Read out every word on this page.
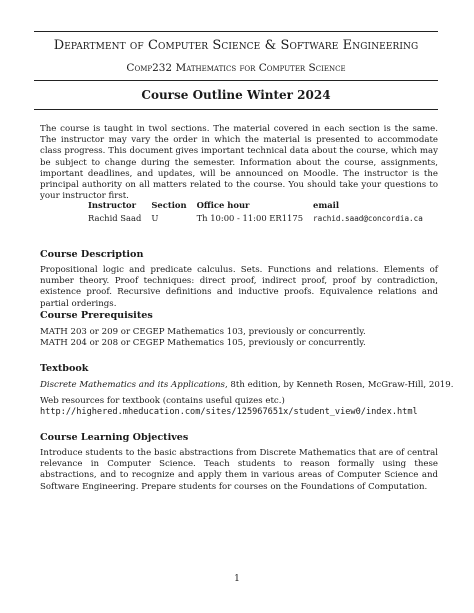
Department of Computer Science & Software Engineering
Comp232 Mathematics for Computer Science
Course Outline Winter 2024
The course is taught in twol sections. The material covered in each section is the same. The instructor may vary the order in which the material is presented to accommodate class progress. This document gives important technical data about the course, which may be subject to change during the semester. Information about the course, assignments, important deadlines, and updates, will be announced on Moodle. The instructor is the principal authority on all matters related to the course. You should take your questions to your instructor first.
Instructor	Section	Office hour	email
Rachid Saad	U	Th 10:00 - 11:00 ER1175	rachid.saad@concordia.ca
Course Description
Propositional logic and predicate calculus. Sets. Functions and relations. Elements of number theory. Proof techniques: direct proof, indirect proof, proof by contradiction, existence proof. Recursive definitions and inductive proofs. Equivalence relations and partial orderings.
Course Prerequisites
MATH 203 or 209 or CEGEP Mathematics 103, previously or concurrently.
MATH 204 or 208 or CEGEP Mathematics 105, previously or concurrently.
Textbook
Discrete Mathematics and its Applications, 8th edition, by Kenneth Rosen, McGraw-Hill, 2019.
Web resources for textbook (contains useful quizes etc.)
http://highered.mheducation.com/sites/125967651x/student_view0/index.html
Course Learning Objectives
Introduce students to the basic abstractions from Discrete Mathematics that are of central relevance in Computer Science. Teach students to reason formally using these abstractions, and to recognize and apply them in various areas of Computer Science and Software Engineering. Prepare students for courses on the Foundations of Computation.
1
